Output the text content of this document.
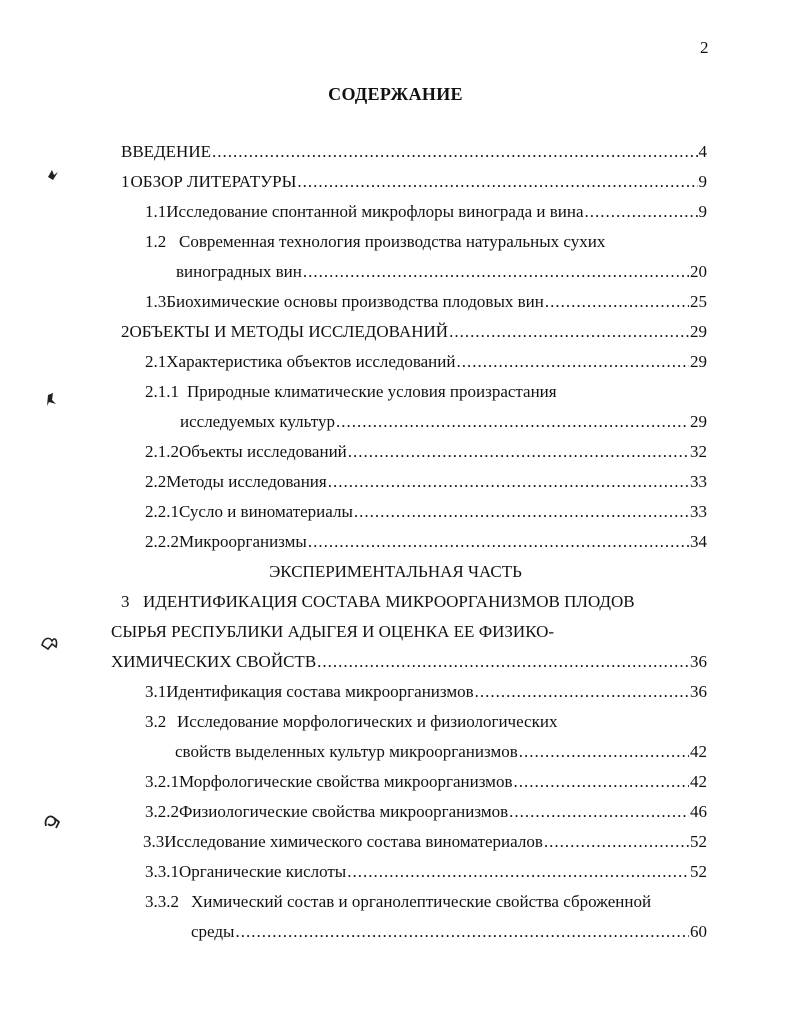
2
СОДЕРЖАНИЕ
ВВЕДЕНИЕ .....	4
1 ОБЗОР ЛИТЕРАТУРЫ .....	9
1.1 Исследование спонтанной микрофлоры винограда и вина .....	9
1.2 Современная технология производства натуральных сухих
виноградных вин .....	20
1.3 Биохимические основы производства плодовых вин .....	25
2 ОБЪЕКТЫ И МЕТОДЫ ИССЛЕДОВАНИЙ .....	29
2.1 Характеристика объектов исследований .....	29
2.1.1 Природные климатические условия произрастания
исследуемых культур .....	29
2.1.2 Объекты исследований .....	32
2.2 Методы исследования .....	33
2.2.1 Сусло и виноматериалы .....	33
2.2.2 Микроорганизмы .....	34
ЭКСПЕРИМЕНТАЛЬНАЯ ЧАСТЬ
3 ИДЕНТИФИКАЦИЯ СОСТАВА МИКРООРГАНИЗМОВ ПЛОДОВ
СЫРЬЯ РЕСПУБЛИКИ АДЫГЕЯ И ОЦЕНКА ЕЕ ФИЗИКО-
ХИМИЧЕСКИХ СВОЙСТВ .....	36
3.1 Идентификация состава микроорганизмов .....	36
3.2 Исследование морфологических и физиологических
свойств выделенных культур микроорганизмов .....	42
3.2.1 Морфологические свойства микроорганизмов .....	42
3.2.2 Физиологические свойства микроорганизмов .....	46
3.3 Исследование химического состава виноматериалов .....	52
3.3.1 Органические кислоты .....	52
3.3.2 Химический состав и органолептические свойства сброженной
среды .....	60
